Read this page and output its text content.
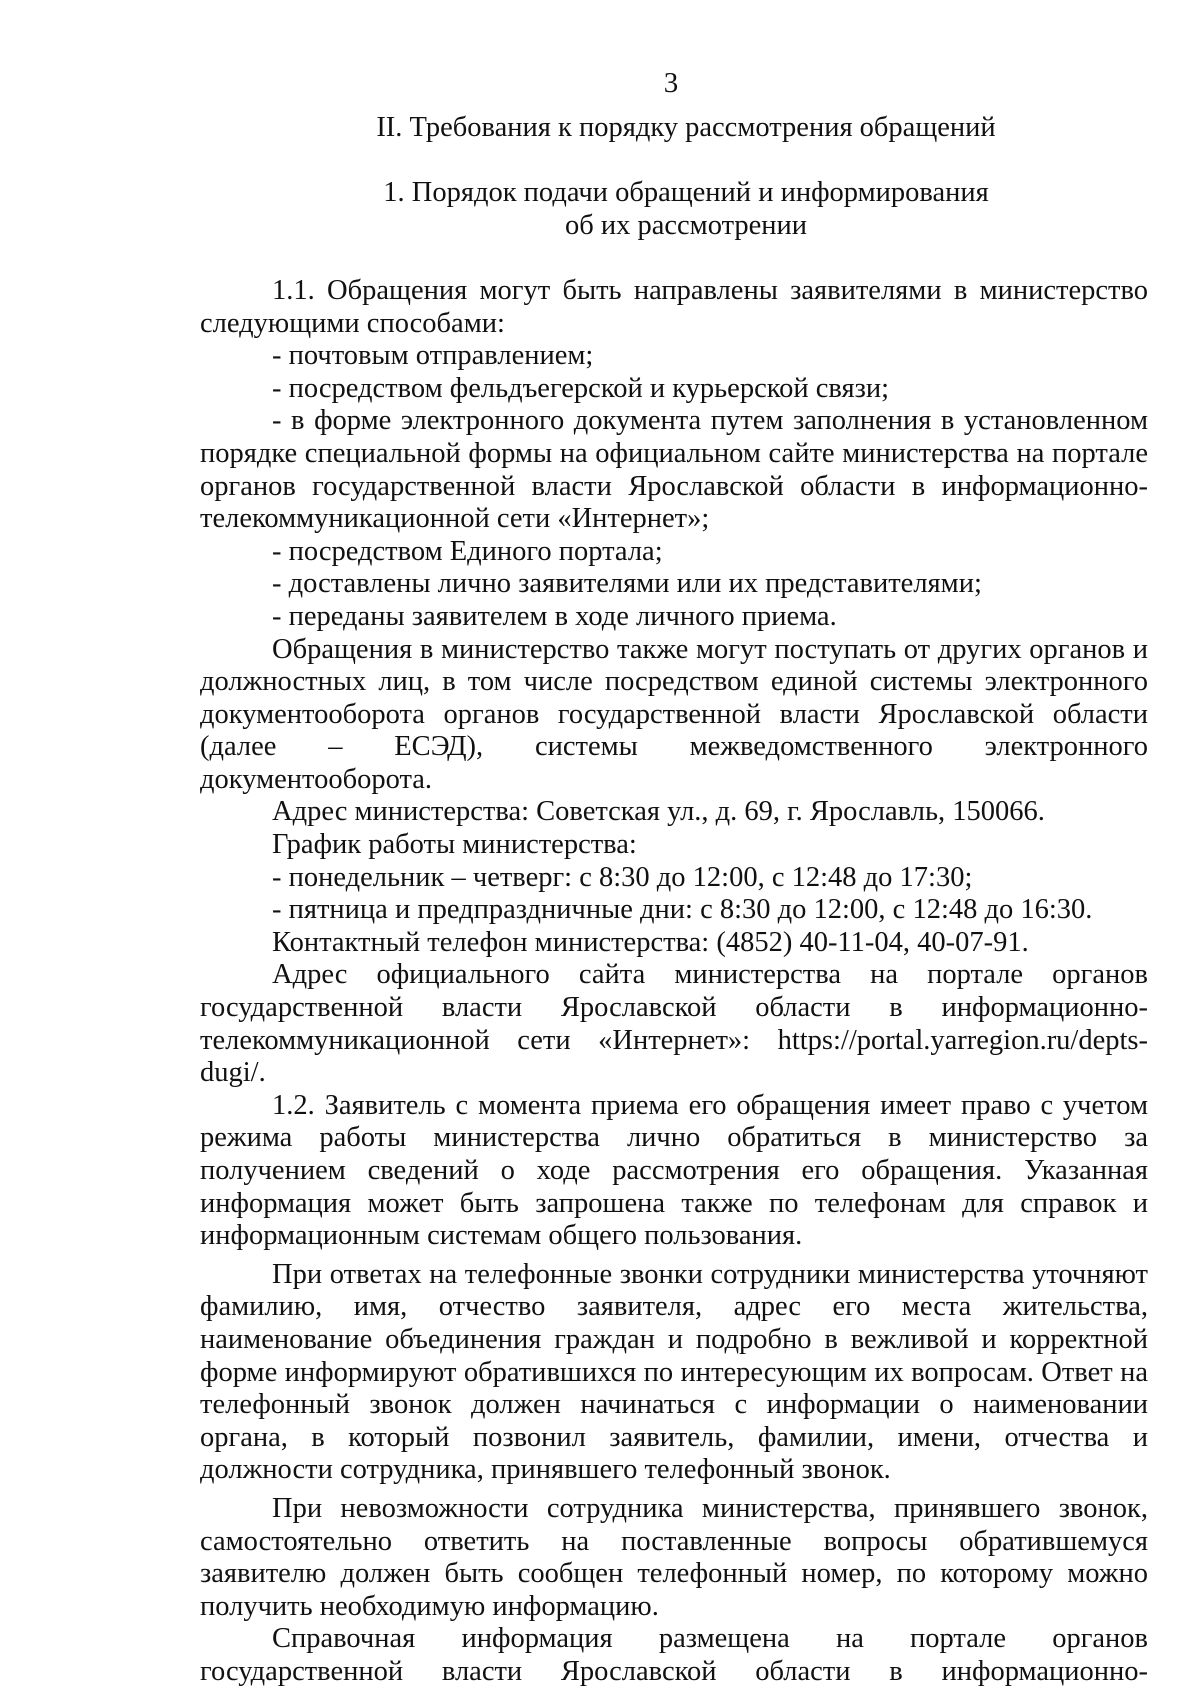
3
II. Требования к порядку рассмотрения обращений
1. Порядок подачи обращений и информирования
об их рассмотрении

1.1. Обращения могут быть направлены заявителями в министерство следующими способами:

- почтовым отправлением;

- посредством фельдъегерской и курьерской связи;

- в форме электронного документа путем заполнения в установленном порядке специальной формы на официальном сайте министерства на портале органов государственной власти Ярославской области в информационно-телекоммуникационной сети «Интернет»;

- посредством Единого портала;

- доставлены лично заявителями или их представителями;

- переданы заявителем в ходе личного приема.

Обращения в министерство также могут поступать от других органов и должностных лиц, в том числе посредством единой системы электронного документооборота органов государственной власти Ярославской области (далее – ЕСЭД), системы межведомственного электронного документооборота.

Адрес министерства: Советская ул., д. 69, г. Ярославль, 150066.

График работы министерства:

- понедельник – четверг: с 8:30 до 12:00, с 12:48 до 17:30;

- пятница и предпраздничные дни: с 8:30 до 12:00, с 12:48 до 16:30.

Контактный телефон министерства: (4852) 40-11-04, 40-07-91.

Адрес официального сайта министерства на портале органов государственной власти Ярославской области в информационно-телекоммуникационной сети «Интернет»: https://portal.yarregion.ru/depts-dugi/.

1.2. Заявитель с момента приема его обращения имеет право с учетом режима работы министерства лично обратиться в министерство за получением сведений о ходе рассмотрения его обращения. Указанная информация может быть запрошена также по телефонам для справок и информационным системам общего пользования.

При ответах на телефонные звонки сотрудники министерства уточняют фамилию, имя, отчество заявителя, адрес его места жительства, наименование объединения граждан и подробно в вежливой и корректной форме информируют обратившихся по интересующим их вопросам. Ответ на телефонный звонок должен начинаться с информации о наименовании органа, в который позвонил заявитель, фамилии, имени, отчества и должности сотрудника, принявшего телефонный звонок.

При невозможности сотрудника министерства, принявшего звонок, самостоятельно ответить на поставленные вопросы обратившемуся заявителю должен быть сообщен телефонный номер, по которому можно получить необходимую информацию.

Справочная информация размещена на портале органов государственной власти Ярославской области в информационно-
